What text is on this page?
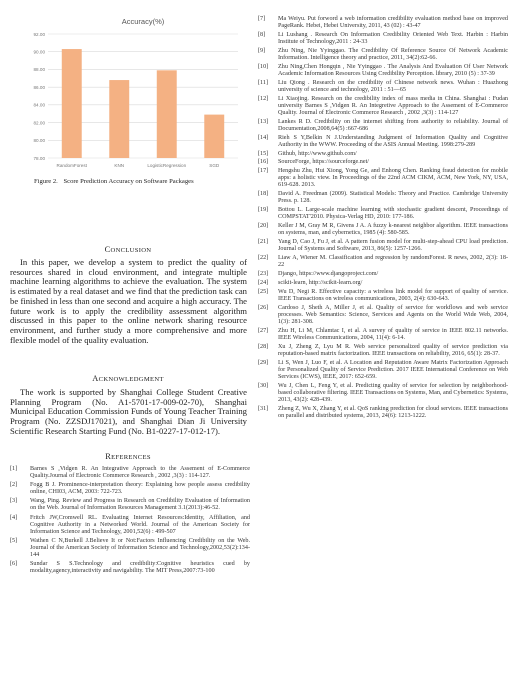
Accuracy(%)
78.00
80.00
82.00
84.00
86.00
88.00
90.00
92.00
RandomForest	KNN	LogisticRegression	SGD
Figure 2. Score Prediction Accuracy on Software Packages
CONCLUSION

In this paper, we develop a system to predict the quality of resources shared in cloud environment, and integrate multiple machine learning algorithms to achieve the evaluation. The system is estimated by a real dataset and we find that the prediction task can be finished in less than one second and acquire a high accuracy. The future work is to apply the credibility assessment algorithm discussed in this paper to the online network sharing resource environment, and further study a more comprehensive and more flexible model of the quality evaluation.

ACKNOWLEDGMENT

The work is supported by Shanghai College Student Creative Planning Program (No. A1-5701-17-009-02-70), Shanghai Municipal Education Commission Funds of Young Teacher Training Program (No. ZZSDJ17021), and Shanghai Dian Ji University Scientific Research Starting Fund (No. B1-0227-17-012-17).

REFERENCES
[1]	Barnes S ,Vidgen R. An Integrative Approach to the Assement of E-Commerce Quality.Journal of Electronic Commerce Research , 2002 ,3(3) : 114-127.
[2]	Fogg B J. Prominence-interpretation theory: Explaining how people assess credibility online, CHI03, ACM, 2003: 722-723.
[3]	Wang, Ping. Review and Progress in Research on Credibility Evaluation of Information on the Web. Journal of Information Resources Management 3.1(2013):46-52.
[4]	Fritch JW,Cromwell RL. Evaluating Internet Resources:Identity, Affiliation, and Cognitive Authority in a Networked World. Journal of the American Society for Information Science and Technology, 2001,52(6) : 499-507
[5]	Wathen C N,Burkell J.Believe It or Not:Factors Influencing Credibility on the Web. Journal of the American Society of Information Science and Technology,2002,53(2):134-144
[6]	Sundar S S.Technology and credibility:Cognitive heuristics cued by modality,agency,interactivity and navigability. The MIT Press,2007:73-100
[7]	Ma Weiyu. Put forword a web information credibility evaluation method base on improved PageRank. Hebei, Hebei University, 2011, 43 (02) : 43-47
[8]	Li Lushang . Research On Information Credibility Oriented Web Text. Harbin : Harbin Institute of Technology,2011 : 24-33
[9]	Zhu Ning, Nie Yyinggao. The Credibility Of Reference Source Of Network Academic Information. Intelligence theory and practice, 2011, 34(2):62-66.
[10]	Zhu Ning,Chen Hongqin , Nie Yyinggao . The Analysis And Evaluation Of User Network Academic Information Resources Using Credibility Perception. library, 2010 (5) : 37-39
[11]	Liu Qiong . Research on the credibility of Chinese network news. Wuhan : Huazhong university of science and technology, 2011 : 51—65
[12]	Li Xiaojing. Research on the credibility index of mass media in China. Shanghai : Fudan university Barnes S ,Vidgen R. An Integretive Approach to the Assement of E-Commerce Quality. Journal of Electronic Commerce Research , 2002 ,3(3) : 114-127
[13]	Lankes R D. Credibility on the internet shifting from authority to reliability. Journal of Documentation,2008,64(5) :667-686
[14]	Rieh S Y,Belkin N J.Understanding Judgment of Information Quality and Cognitive Authority in the WWW. Proceeding of the ASIS Annual Meeting. 1998:279-289
[15]	Github, http://www.github.com/
[16]	SourceForge, https://sourceforge.net/
[17]	Hengshu Zhu, Hui Xiong, Yong Ge, and Enhong Chen. Ranking fraud detection for mobile apps: a holistic view. In Proceedings of the 22nd ACM CIKM, ACM, New York, NY, USA, 619-628. 2013.
[18]	David A. Freedman (2009). Statistical Models: Theory and Practice. Cambridge University Press. p. 128.
[19]	Bottou L. Large-scale machine learning with stochastic gradient descent, Proceedings of COMPSTAT'2010. Physica-Verlag HD, 2010: 177-186.
[20]	Keller J M, Gray M R, Givens J A. A fuzzy k-nearest neighbor algorithm. IEEE transactions on systems, man, and cybernetics, 1985 (4): 580-585.
[21]	Yang D, Cao J, Fu J, et al. A pattern fusion model for multi-step-ahead CPU load prediction. Journal of Systems and Software, 2013, 86(5): 1257-1266.
[22]	Liaw A, Wiener M. Classification and regression by randomForest. R news, 2002, 2(3): 18-22
[23]	Django, https://www.djangoproject.com/
[24]	scikit-learn, http://scikit-learn.org/
[25]	Wu D, Negi R. Effective capacity: a wireless link model for support of quality of service. IEEE Transactions on wireless communications, 2003, 2(4): 630-643.
[26]	Cardoso J, Sheth A, Miller J, et al. Quality of service for workflows and web service processes. Web Semantics: Science, Services and Agents on the World Wide Web, 2004, 1(3): 281-308.
[27]	Zhu H, Li M, Chlamtac I, et al. A survey of quality of service in IEEE 802.11 networks. IEEE Wireless Communications, 2004, 11(4): 6-14.
[28]	Xu J, Zheng Z, Lyu M R. Web service personalized quality of service prediction via reputation-based matrix factorization. IEEE transactions on reliability, 2016, 65(1): 28-37.
[29]	Li S, Wen J, Luo F, et al. A Location and Reputation Aware Matrix Factorization Approach for Personalized Quality of Service Prediction. 2017 IEEE International Conference on Web Services (ICWS), IEEE, 2017: 652-659.
[30]	Wu J, Chen L, Feng Y, et al. Predicting quality of service for selection by neighborhood-based collaborative filtering. IEEE Transactions on Systems, Man, and Cybernetics: Systems, 2013, 43(2): 428-439.
[31]	Zheng Z, Wu X, Zhang Y, et al. QoS ranking prediction for cloud services. IEEE transactions on parallel and distributed systems, 2013, 24(6): 1213-1222.
